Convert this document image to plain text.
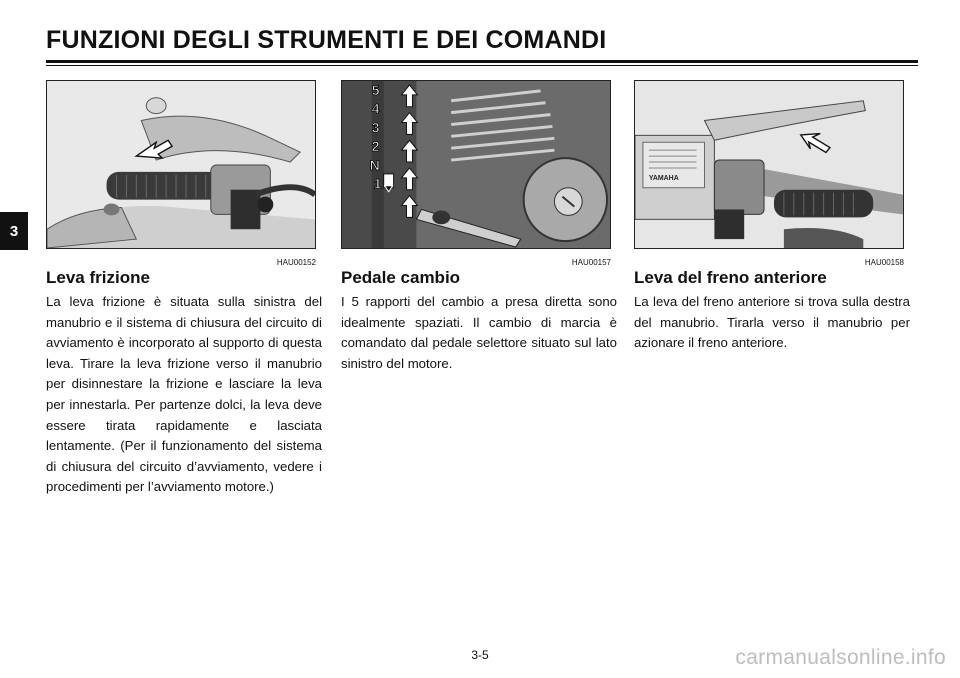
FUNZIONI DEGLI STRUMENTI E DEI COMANDI
3
HAU00152
Leva frizione
La leva frizione è situata sulla sinistra del manubrio e il sistema di chiusura del circuito di avviamento è incorporato al supporto di questa leva. Tirare la leva frizione verso il manubrio per disinnestare la frizione e lasciare la leva per innestarla. Per partenze dolci, la leva deve essere tirata rapidamente e lasciata lentamente. (Per il funzionamento del sistema di chiusura del circuito d’avviamento, vedere i procedimenti per l’avviamento motore.)
5
4
3
2
N
1
HAU00157
Pedale cambio
I 5 rapporti del cambio a presa diretta sono idealmente spaziati. Il cambio di marcia è comandato dal pedale selettore situato sul lato sinistro del motore.
YAMAHA
HAU00158
Leva del freno anteriore
La leva del freno anteriore si trova sulla destra del manubrio. Tirarla verso il manubrio per azionare il freno anteriore.
3-5	carmanualsonline.info
